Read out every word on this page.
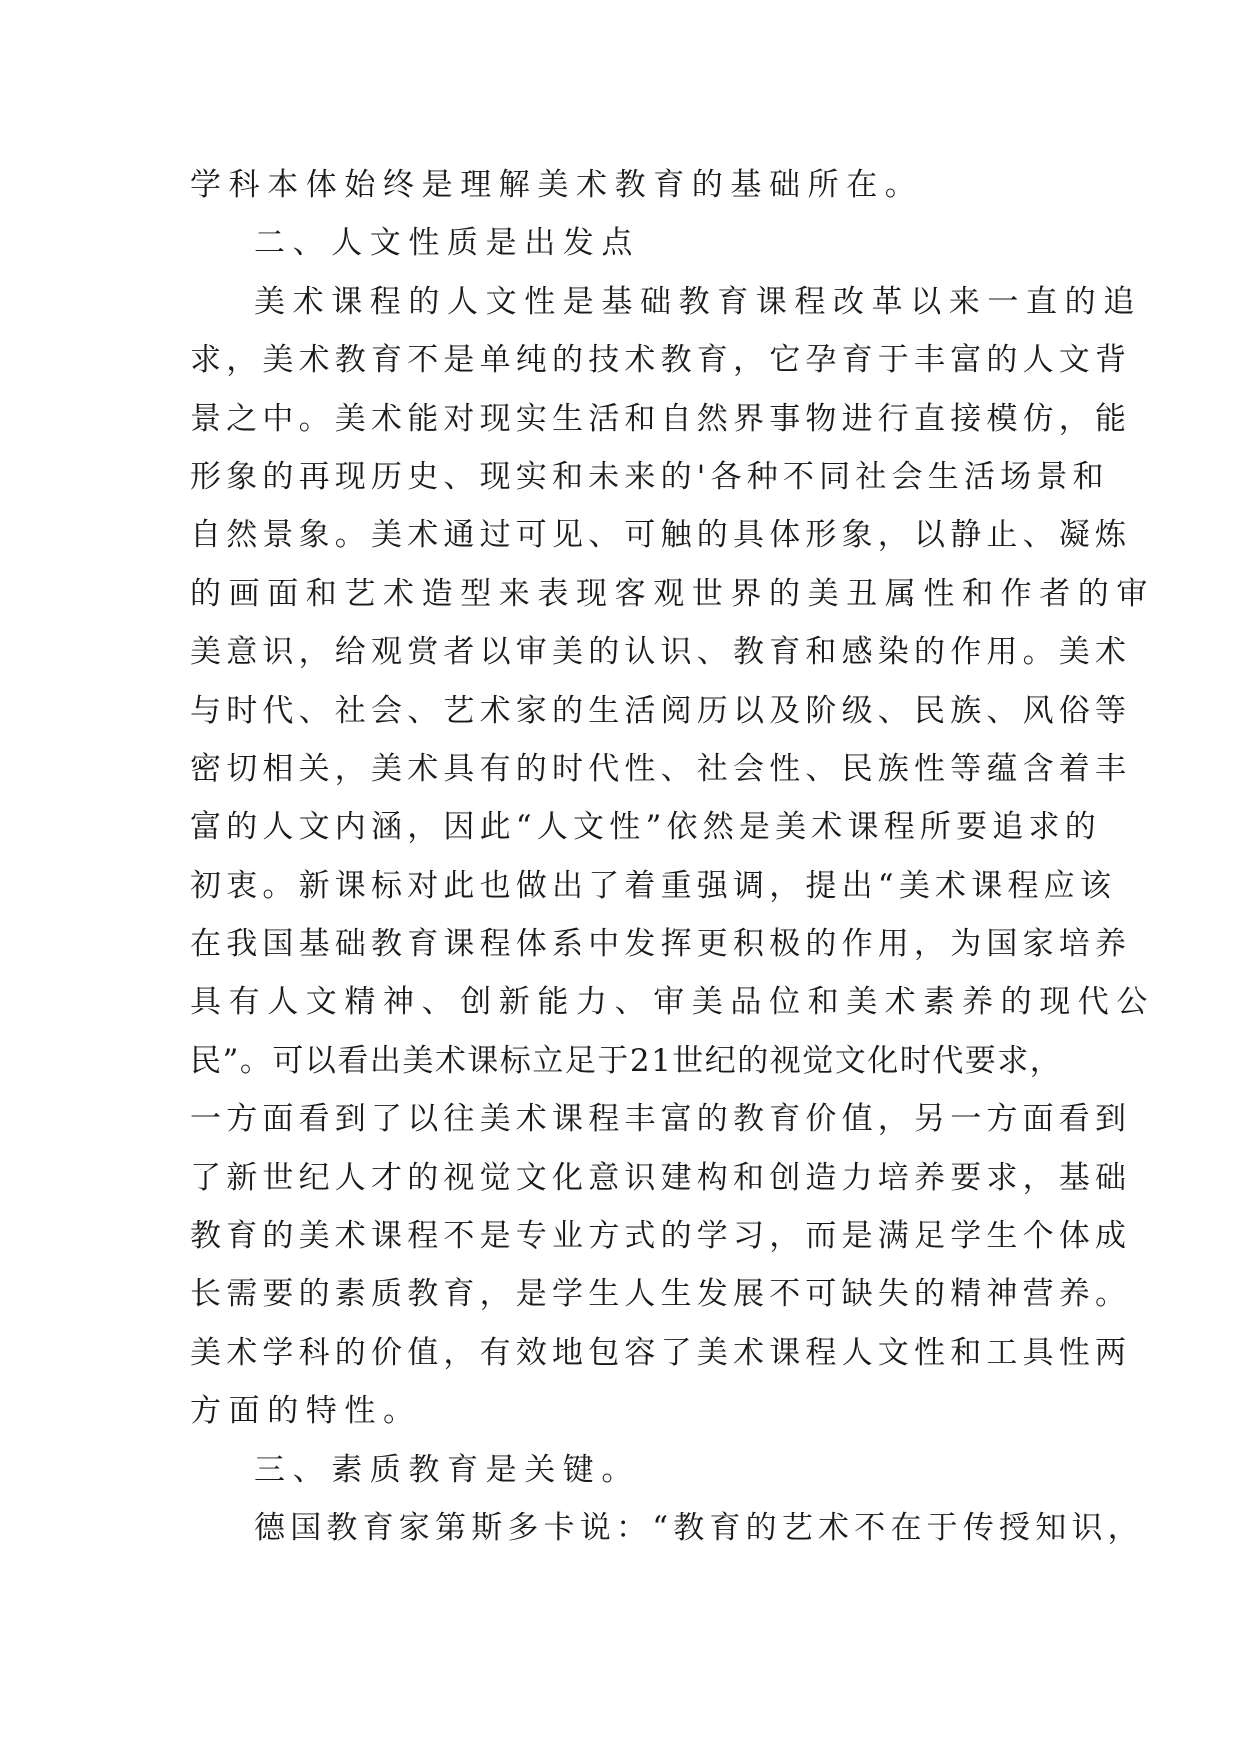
学科本体始终是理解美术教育的基础所在。
二、人文性质是出发点
美术课程的人文性是基础教育课程改革以来一直的追
求，美术教育不是单纯的技术教育，它孕育于丰富的人文背
景之中。美术能对现实生活和自然界事物进行直接模仿，能
形象的再现历史、现实和未来的'各种不同社会生活场景和
自然景象。美术通过可见、可触的具体形象，以静止、凝炼
的画面和艺术造型来表现客观世界的美丑属性和作者的审
美意识，给观赏者以审美的认识、教育和感染的作用。美术
与时代、社会、艺术家的生活阅历以及阶级、民族、风俗等
密切相关，美术具有的时代性、社会性、民族性等蕴含着丰
富的人文内涵，因此“人文性”依然是美术课程所要追求的
初衷。新课标对此也做出了着重强调，提出“美术课程应该
在我国基础教育课程体系中发挥更积极的作用，为国家培养
具有人文精神、创新能力、审美品位和美术素养的现代公
民”。可以看出美术课标立足于21世纪的视觉文化时代要求，
一方面看到了以往美术课程丰富的教育价值，另一方面看到
了新世纪人才的视觉文化意识建构和创造力培养要求，基础
教育的美术课程不是专业方式的学习，而是满足学生个体成
长需要的素质教育，是学生人生发展不可缺失的精神营养。
美术学科的价值，有效地包容了美术课程人文性和工具性两
方面的特性。
三、素质教育是关键。
德国教育家第斯多卡说：“教育的艺术不在于传授知识，
